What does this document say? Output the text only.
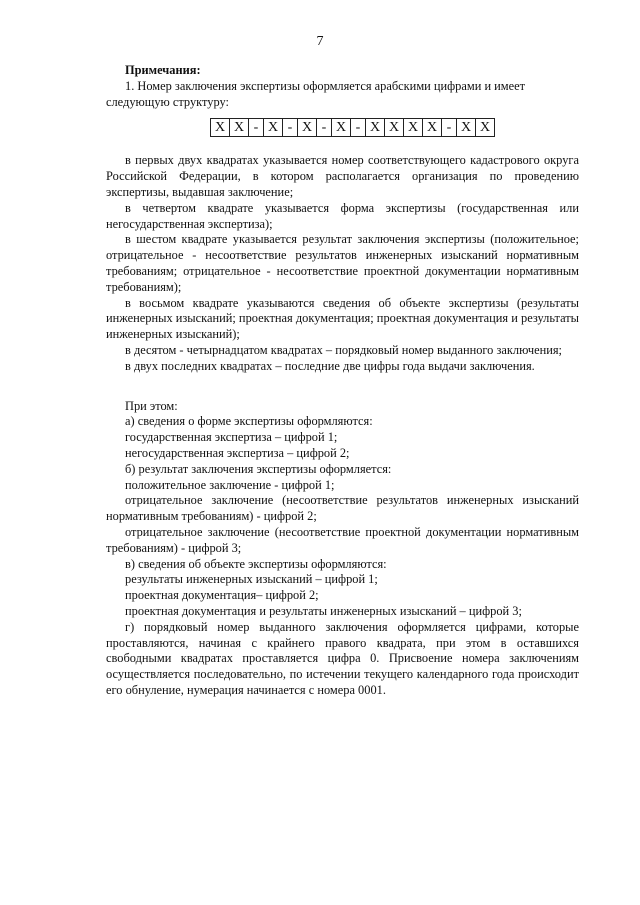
7

Примечания:

1. Номер заключения экспертизы оформляется арабскими цифрами и имеет

следующую структуру:

X X - X - X - X - X X X X - X X

в первых двух квадратах указывается номер соответствующего кадастрового округа Российской Федерации, в котором располагается организация по проведению экспертизы, выдавшая заключение;

в четвертом квадрате указывается форма экспертизы (государственная или негосударственная экспертиза);

в шестом квадрате указывается результат заключения экспертизы (положительное; отрицательное - несоответствие результатов инженерных изысканий нормативным требованиям; отрицательное - несоответствие проектной документации нормативным требованиям);

в восьмом квадрате указываются сведения об объекте экспертизы (результаты инженерных изысканий; проектная документация; проектная документация и результаты инженерных изысканий);

в десятом - четырнадцатом квадратах – порядковый номер выданного заключения;

в двух последних квадратах – последние две цифры года выдачи заключения.

При этом:

а) сведения о форме экспертизы оформляются:

государственная экспертиза – цифрой 1;

негосударственная экспертиза – цифрой 2;

б) результат заключения экспертизы оформляется:

положительное заключение - цифрой 1;

отрицательное заключение (несоответствие результатов инженерных изысканий нормативным требованиям) - цифрой 2;

отрицательное заключение (несоответствие проектной документации нормативным требованиям) - цифрой 3;

в) сведения об объекте экспертизы оформляются:

результаты инженерных изысканий – цифрой 1;

проектная документация– цифрой 2;

проектная документация и результаты инженерных изысканий – цифрой 3;

г) порядковый номер выданного заключения оформляется цифрами, которые проставляются, начиная с крайнего правого квадрата, при этом в оставшихся свободными квадратах проставляется цифра 0. Присвоение номера заключениям осуществляется последовательно, по истечении текущего календарного года происходит его обнуление, нумерация начинается с номера 0001.
